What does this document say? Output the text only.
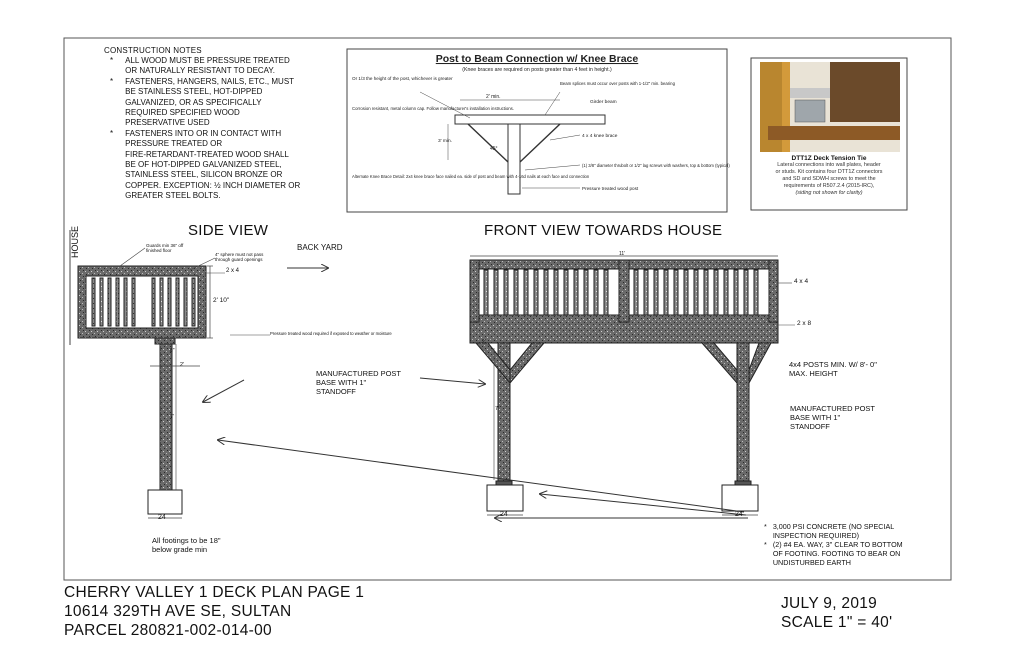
CONSTRUCTION NOTES
* ALL WOOD MUST BE PRESSURE TREATED
OR NATURALLY RESISTANT TO DECAY.
* FASTENERS, HANGERS, NAILS, ETC., MUST
BE STAINLESS STEEL, HOT-DIPPED
GALVANIZED, OR AS SPECIFICALLY
REQUIRED SPECIFIED WOOD
PRESERVATIVE USED
* FASTENERS INTO OR IN CONTACT WITH
PRESSURE TREATED OR
FIRE-RETARDANT-TREATED WOOD SHALL
BE OF HOT-DIPPED GALVANIZED STEEL,
STAINLESS STEEL, SILICON BRONZE OR
COPPER. EXCEPTION: ½ INCH DIAMETER OR
GREATER STEEL BOLTS.
Post to Beam Connection w/ Knee Brace
(Knee braces are required on posts greater than 4 feet in height.)
Or 1/3 the height of the post, whichever is greater
2' min.
Corrosion resistant, metal column cap. Follow manufacturer's installation instructions.
Beam splices must occur over posts with 1-1/2" min. bearing
Girder beam
4 x 4 knee brace
45°
3' min.
Alternate Knee Brace Detail: 2x4 knee brace face nailed ea. side of post and beam with 4-16d nails at each face and connection
(1) 3/8" diameter thrubolt or 1/2" lag screws with washers, top & bottom (typical)
Pressure treated wood post
DTT1Z Deck Tension Tie
Lateral connections into wall plates, header
or studs. Kit contains four DTT1Z connectors
and SD and SDWH screws to meet the
requirements of R507.2.4 (2015-IRC),
(siding not shown for clarity)
SIDE VIEW
HOUSE	BACK YARD
Guards min 36" off finished floor
4" sphere must not pass through guard openings
2 x 4
2' 10"
Pressure treated wood required if exposed to weather or moisture
8"
2'
7'
24
All footings to be 18"
below grade min
FRONT VIEW TOWARDS HOUSE
11'
4 x 4
2 x 8
2'
7'
4x4 POSTS MIN. W/ 8'- 0"
MAX. HEIGHT
MANUFACTURED POST
BASE WITH 1"
STANDOFF
MANUFACTURED POST
BASE WITH 1"
STANDOFF
24	24
* 3,000 PSI CONCRETE (NO SPECIAL
INSPECTION REQUIRED)
* (2) #4 EA. WAY, 3" CLEAR TO BOTTOM
OF FOOTING. FOOTING TO BEAR ON
UNDISTURBED EARTH
CHERRY VALLEY 1 DECK PLAN PAGE 1
10614 329TH AVE SE, SULTAN
PARCEL 280821-002-014-00
JULY 9, 2019
SCALE 1" = 40'
